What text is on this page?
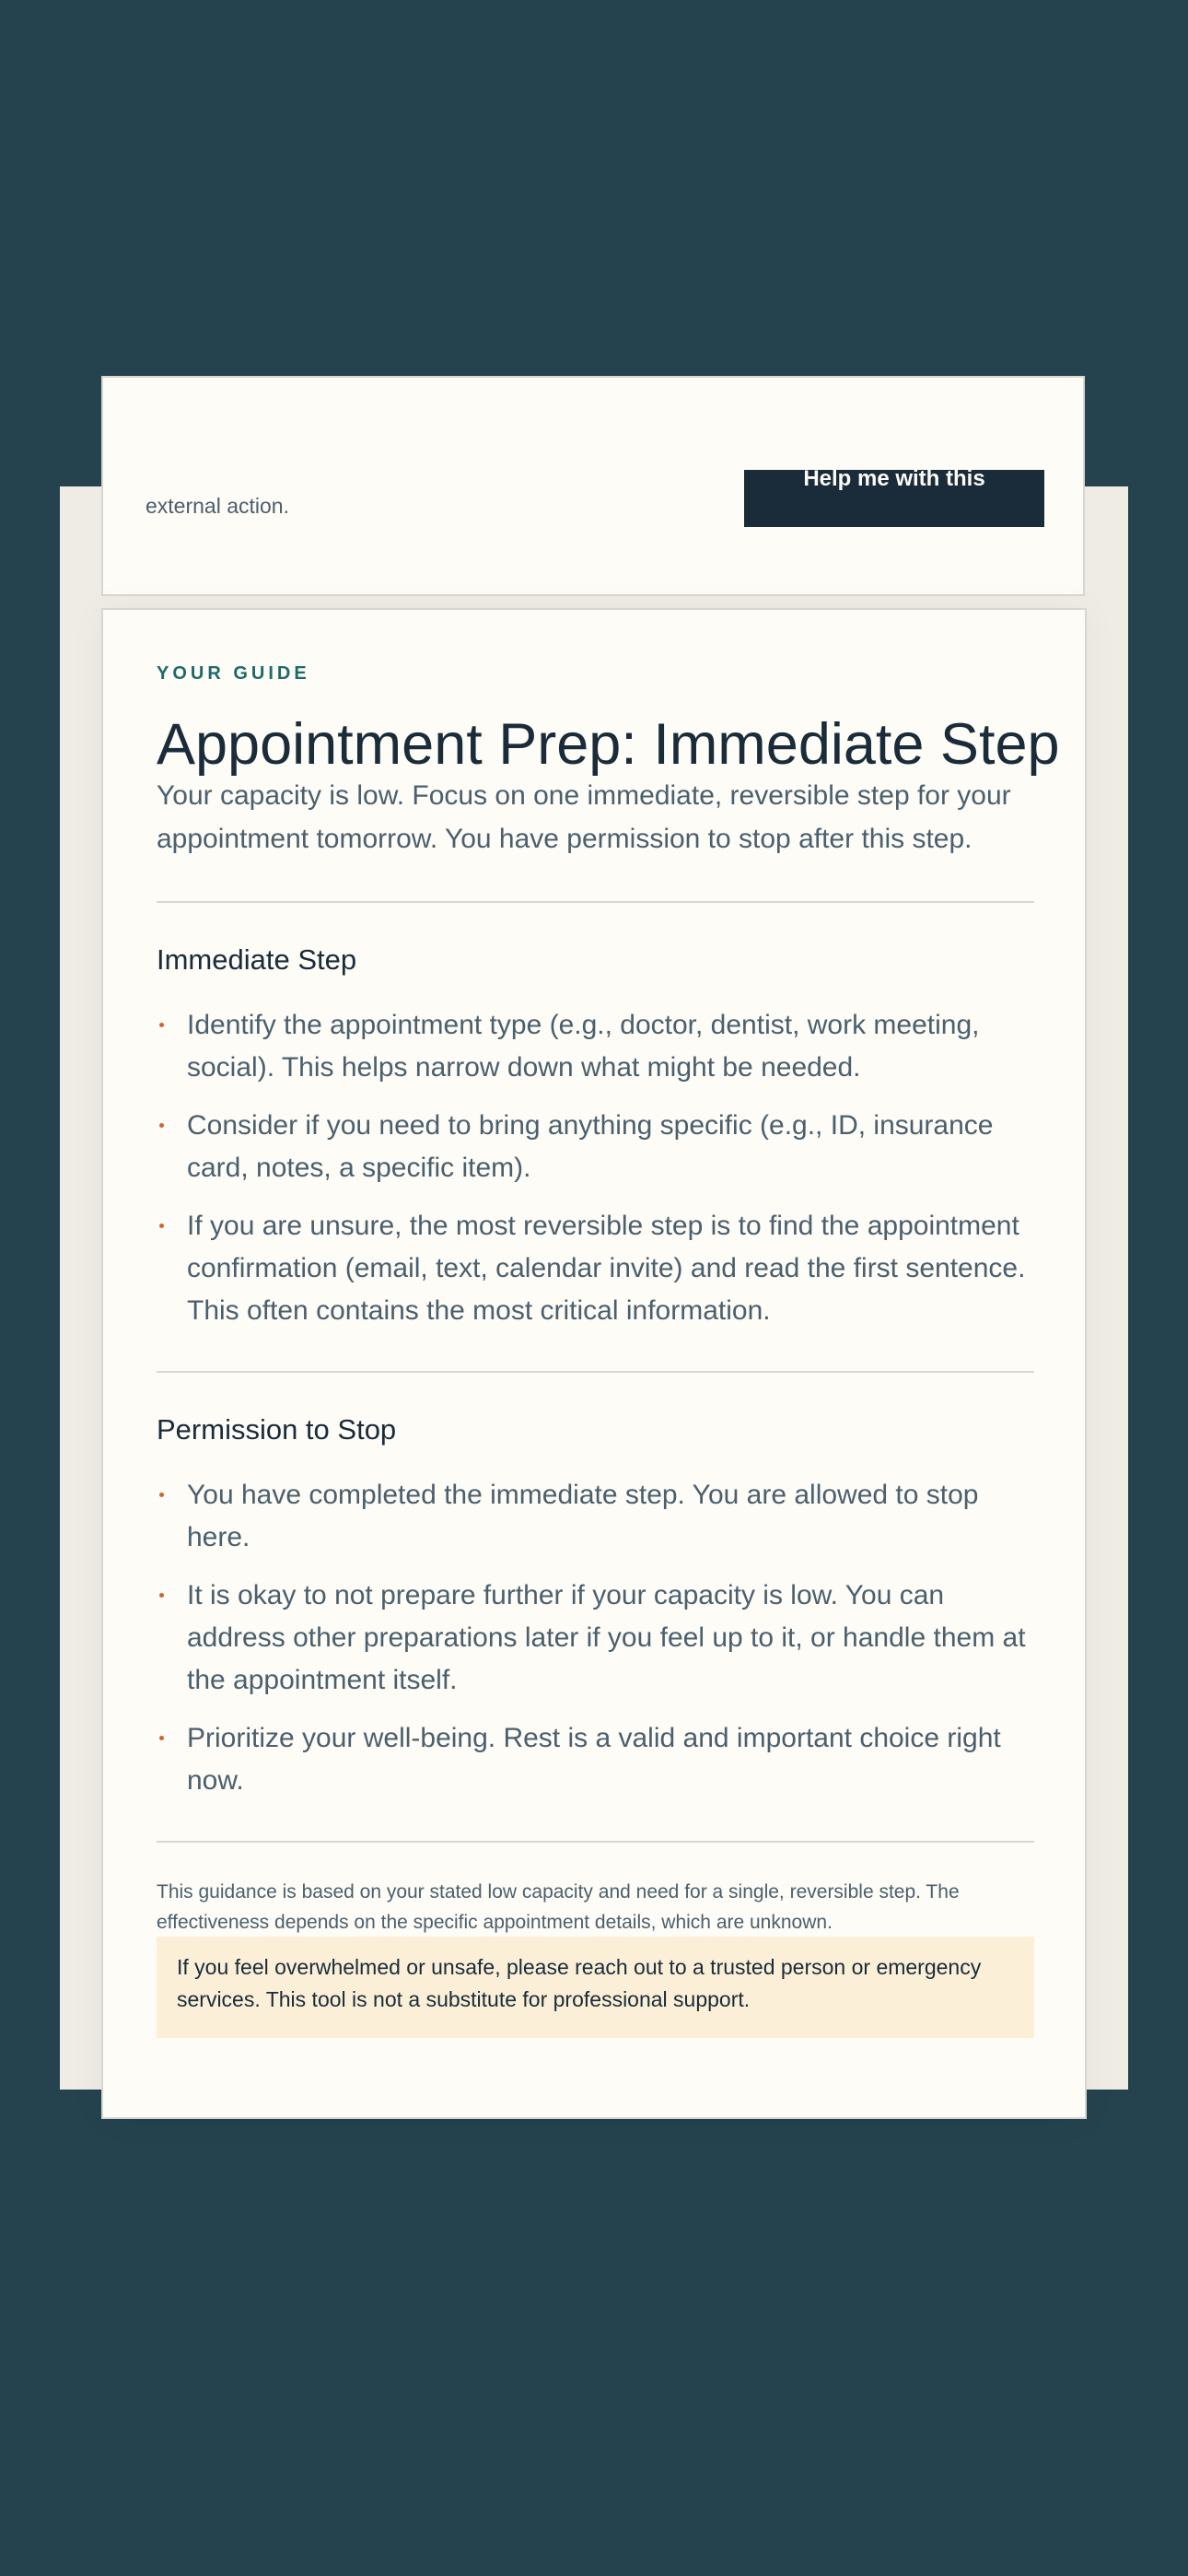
external action.
Help me with this
YOUR GUIDE
Appointment Prep: Immediate Step
Your capacity is low. Focus on one immediate, reversible step for your appointment tomorrow. You have permission to stop after this step.
Immediate Step
Identify the appointment type (e.g., doctor, dentist, work meeting, social). This helps narrow down what might be needed.
Consider if you need to bring anything specific (e.g., ID, insurance card, notes, a specific item).
If you are unsure, the most reversible step is to find the appointment confirmation (email, text, calendar invite) and read the first sentence. This often contains the most critical information.
Permission to Stop
You have completed the immediate step. You are allowed to stop here.
It is okay to not prepare further if your capacity is low. You can address other preparations later if you feel up to it, or handle them at the appointment itself.
Prioritize your well-being. Rest is a valid and important choice right now.
This guidance is based on your stated low capacity and need for a single, reversible step. The effectiveness depends on the specific appointment details, which are unknown.
If you feel overwhelmed or unsafe, please reach out to a trusted person or emergency services. This tool is not a substitute for professional support.
